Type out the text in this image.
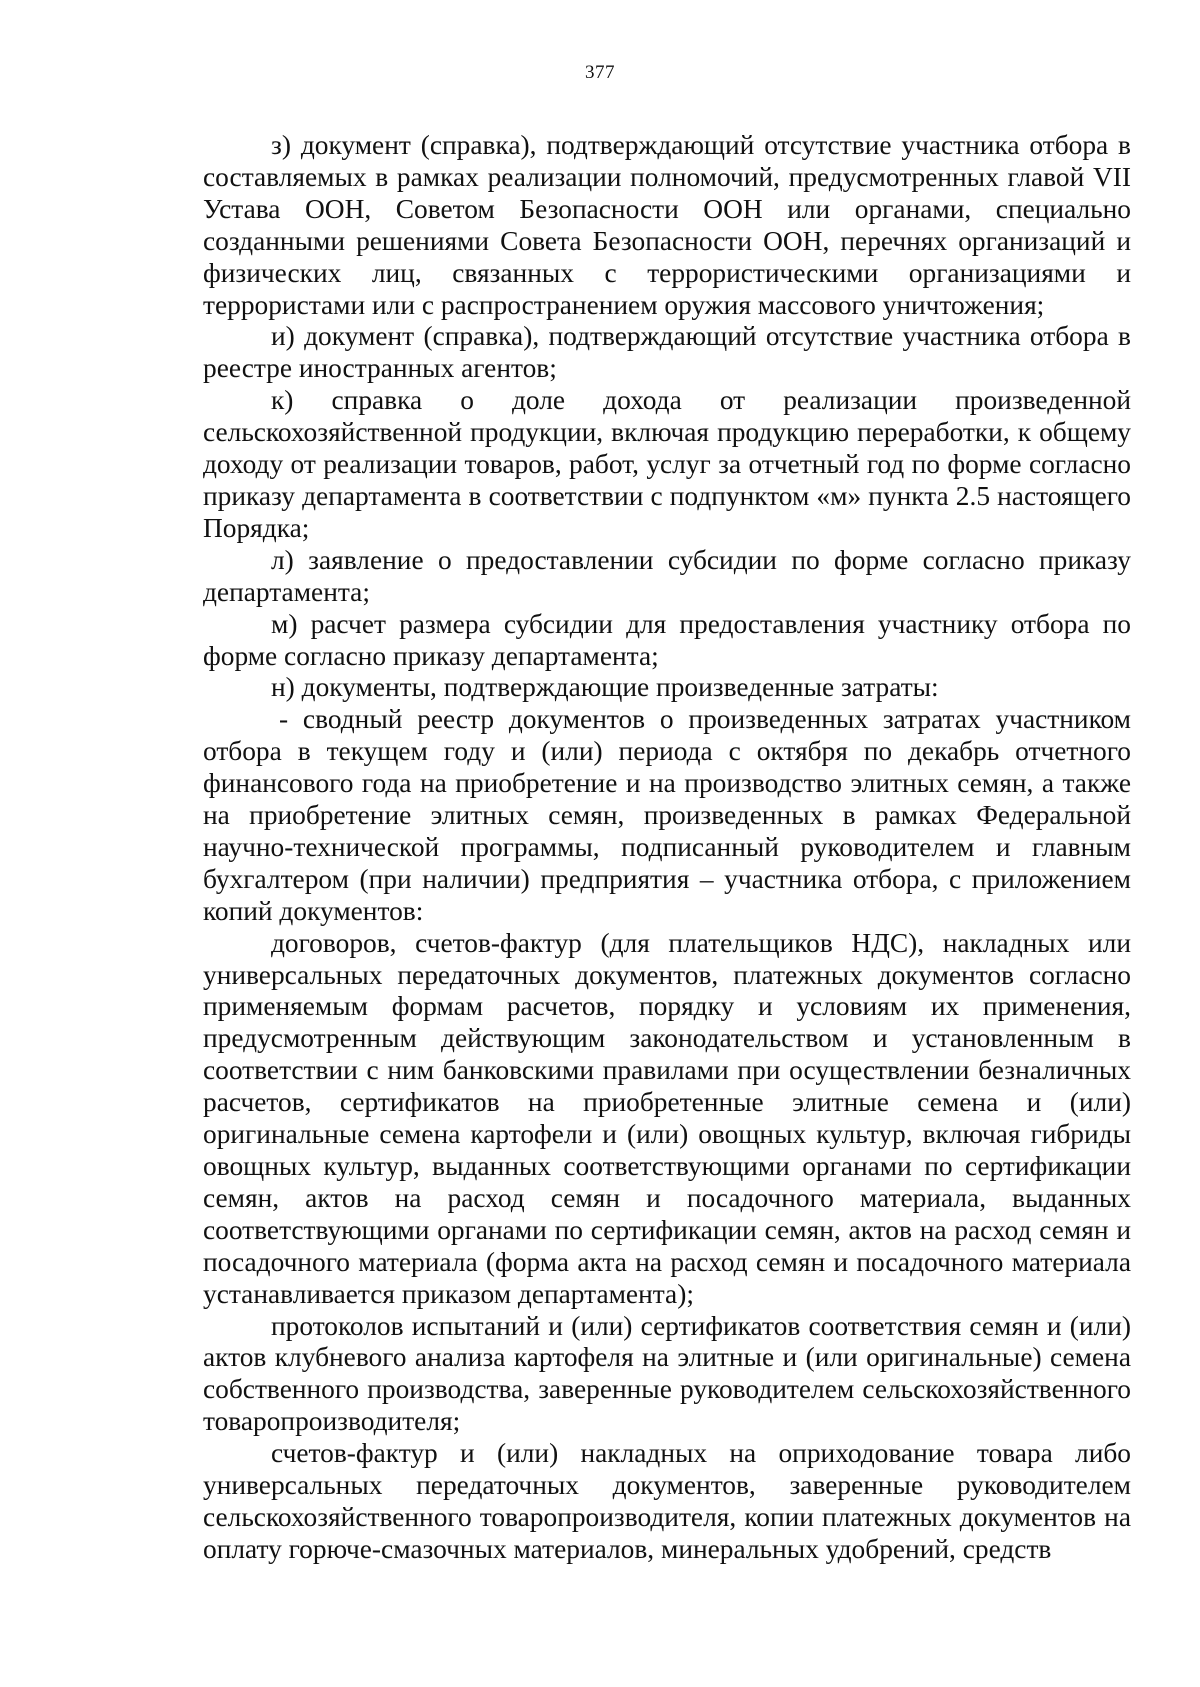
377

з) документ (справка), подтверждающий отсутствие участника отбора в составляемых в рамках реализации полномочий, предусмотренных главой VII Устава ООН, Советом Безопасности ООН или органами, специально созданными решениями Совета Безопасности ООН, перечнях организаций и физических лиц, связанных с террористическими организациями и террористами или с распространением оружия массового уничтожения;

и) документ (справка), подтверждающий отсутствие участника отбора в реестре иностранных агентов;

к) справка о доле дохода от реализации произведенной сельскохозяйственной продукции, включая продукцию переработки, к общему доходу от реализации товаров, работ, услуг за отчетный год по форме согласно приказу департамента в соответствии с подпунктом «м» пункта 2.5 настоящего Порядка;

л) заявление о предоставлении субсидии по форме согласно приказу департамента;

м) расчет размера субсидии для предоставления участнику отбора по форме согласно приказу департамента;

н) документы, подтверждающие произведенные затраты:

- сводный реестр документов о произведенных затратах участником отбора в текущем году и (или) периода с октября по декабрь отчетного финансового года на приобретение и на производство элитных семян, а также на приобретение элитных семян, произведенных в рамках Федеральной научно-технической программы, подписанный руководителем и главным бухгалтером (при наличии) предприятия – участника отбора, с приложением копий документов:

договоров, счетов-фактур (для плательщиков НДС), накладных или универсальных передаточных документов, платежных документов согласно применяемым формам расчетов, порядку и условиям их применения, предусмотренным действующим законодательством и установленным в соответствии с ним банковскими правилами при осуществлении безналичных расчетов, сертификатов на приобретенные элитные семена и (или) оригинальные семена картофели и (или) овощных культур, включая гибриды овощных культур, выданных соответствующими органами по сертификации семян, актов на расход семян и посадочного материала, выданных соответствующими органами по сертификации семян, актов на расход семян и посадочного материала (форма акта на расход семян и посадочного материала устанавливается приказом департамента);

протоколов испытаний и (или) сертификатов соответствия семян и (или) актов клубневого анализа картофеля на элитные и (или оригинальные) семена собственного производства, заверенные руководителем сельскохозяйственного товаропроизводителя;

счетов-фактур и (или) накладных на оприходование товара либо универсальных передаточных документов, заверенные руководителем сельскохозяйственного товаропроизводителя, копии платежных документов на оплату горюче-смазочных материалов, минеральных удобрений, средств
